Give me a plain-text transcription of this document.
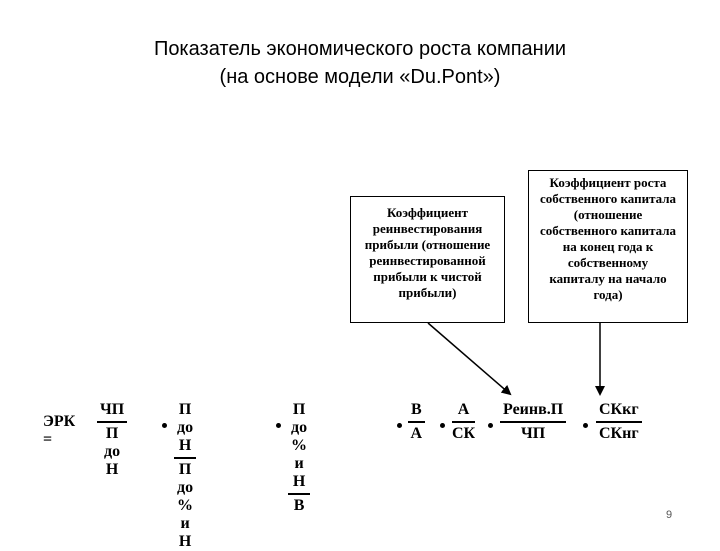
Показатель экономического роста компании
(на основе модели «Du.Pont»)
Коэффициент
реинвестирования
прибыли (отношение
реинвестированной
прибыли к чистой
прибыли)
Коэффициент роста
собственного капитала
(отношение
собственного капитала
на конец года к
собственному
капиталу на начало
года)
ЭРК =
ЧП
П до Н
П до Н
П до % и Н
П до % и Н
В
В
А
А
СК
Реинв.П
ЧП
СКкг
СКнг
9
